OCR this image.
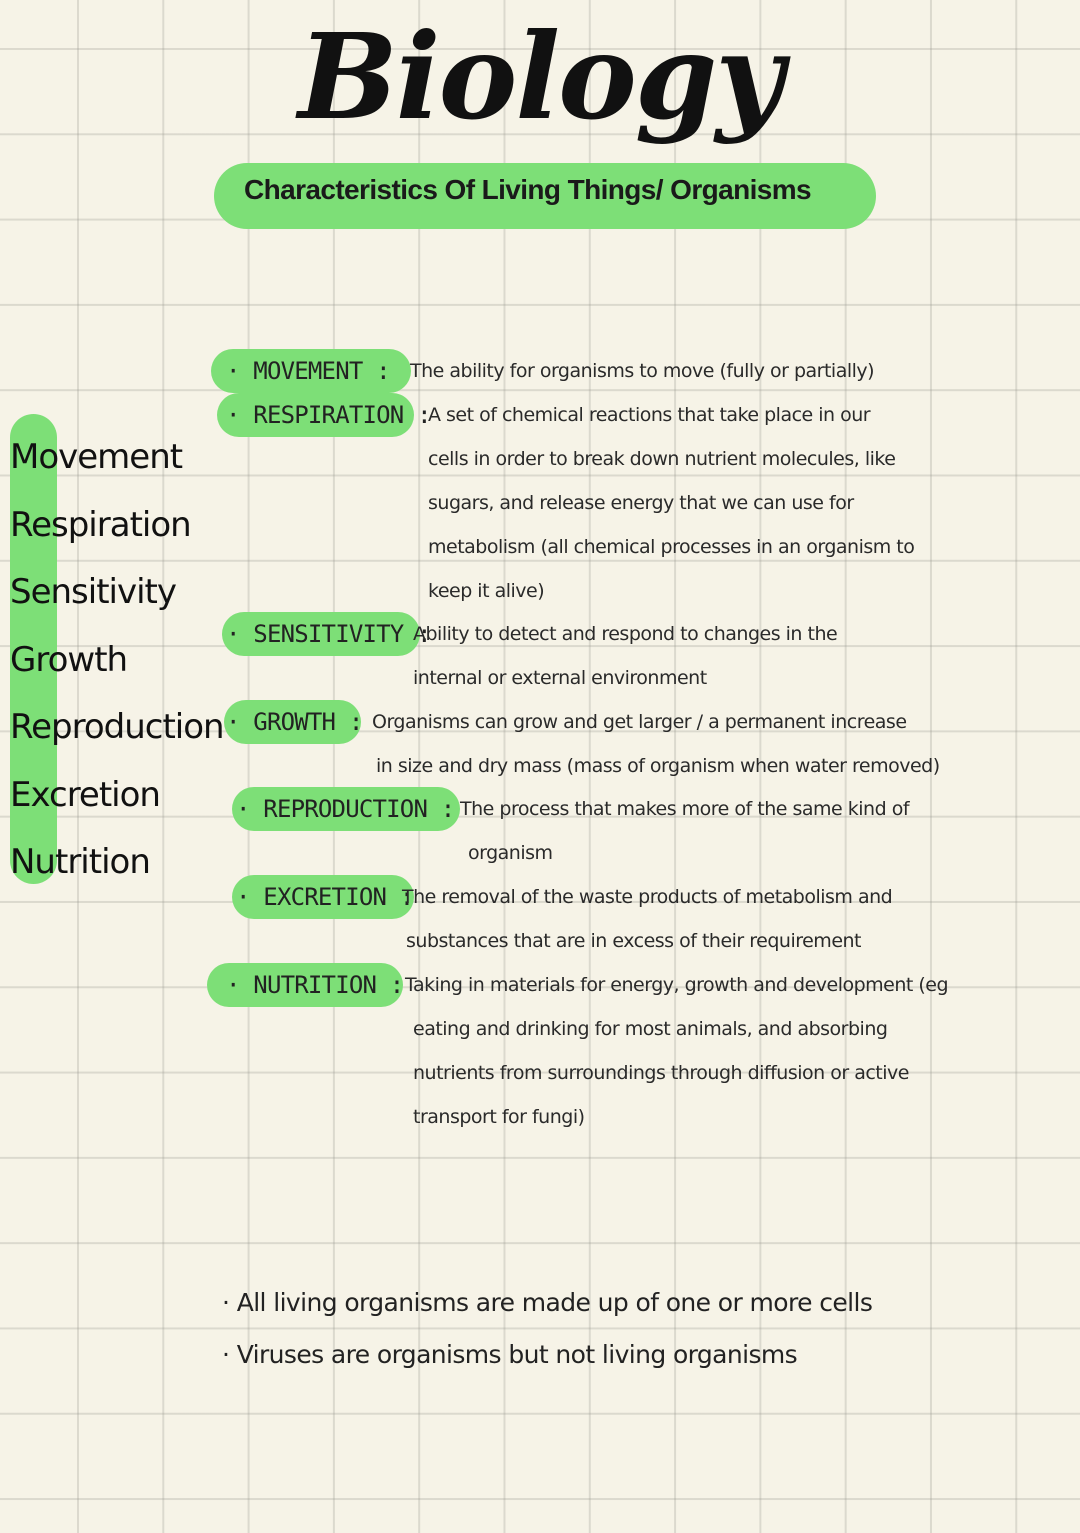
Biology
Characteristics Of Living Things/ Organisms
Movement
Respiration
Sensitivity
Growth
Reproduction
Excretion
Nutrition
· MOVEMENT : The ability for organisms to move (fully or partially)
· RESPIRATION :
A set of chemical reactions that take place in our
cells in order to break down nutrient molecules, like
sugars, and release energy that we can use for
metabolism (all chemical processes in an organism to
keep it alive)
· SENSITIVITY :
Ability to detect and respond to changes in the
internal or external environment
· GROWTH : Organisms can grow and get larger / a permanent increase
in size and dry mass (mass of organism when water removed)
· REPRODUCTION : The process that makes more of the same kind of
organism
· EXCRETION :
The removal of the waste products of metabolism and
substances that are in excess of their requirement
· NUTRITION : Taking in materials for energy, growth and development (eg
eating and drinking for most animals, and absorbing
nutrients from surroundings through diffusion or active
transport for fungi)
· All living organisms are made up of one or more cells
· Viruses are organisms but not living organisms
